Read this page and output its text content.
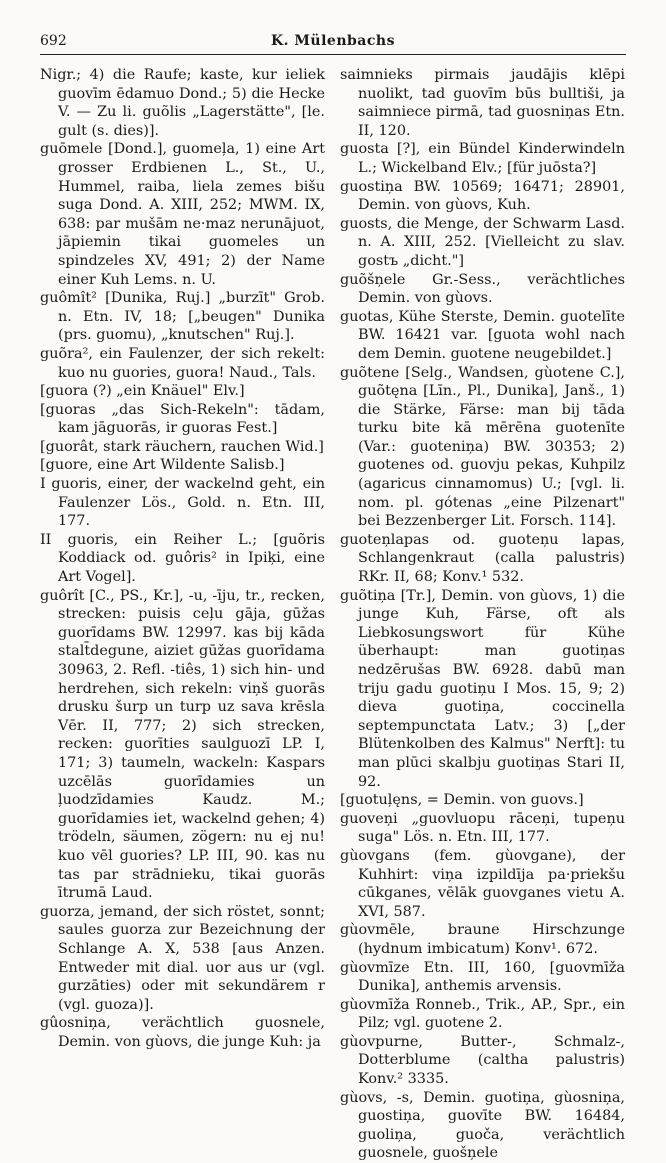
692	K. Mülenbachs

Nigr.; 4) die Raufe; kaste, kur ieliek guovīm ēdamuo Dond.; 5) die Hecke V. — Zu li. guõlis „Lagerstätte", [le. gult (s. dies)].

guōmele [Dond.], guomeļa, 1) eine Art grosser Erdbienen L., St., U., Hummel, raiba, liela zemes bišu suga Dond. A. XIII, 252; MWM. IX, 638: par mušām ne·maz nerunājuot, jāpiemin tikai guomeles un spindzeles XV, 491; 2) der Name einer Kuh Lems. n. U.

guômît² [Dunika, Ruj.] „burzīt" Grob. n. Etn. IV, 18; [„beugen" Dunika (prs. guomu), „knutschen" Ruj.].

guõra², ein Faulenzer, der sich rekelt: kuo nu guories, guora! Naud., Tals.

[guora (?) „ein Knäuel" Elv.]

[guoras „das Sich-Rekeln": tādam, kam jāguorās, ir guoras Fest.]

[guorât, stark räuchern, rauchen Wid.]

[guore, eine Art Wildente Salisb.]

I guoris, einer, der wackelnd geht, ein Faulenzer Lös., Gold. n. Etn. III, 177.

II guoris, ein Reiher L.; [guõris Koddiack od. guôris² in Ipiķi, eine Art Vogel].

guôrît [C., PS., Kr.], -u, -īju, tr., recken, strecken: puisis ceļu gāja, gūžas guorīdams BW. 12997. kas bij kāda stalt̄degune, aiziet gūžas guorīdama 30963, 2. Refl. -tiês, 1) sich hin- und herdrehen, sich rekeln: viņš guorās drusku šurp un turp uz sava krēsla Vēr. II, 777; 2) sich strecken, recken: guorīties saulguozī LP. I, 171; 3) taumeln, wackeln: Kaspars uzcēlās guorīdamies un ļuodzīdamies Kaudz. M.; guorīdamies iet, wackelnd gehen; 4) trödeln, säumen, zögern: nu ej nu! kuo vēl guories? LP. III, 90. kas nu tas par strādnieku, tikai guorās ītrumā Laud.

guorza, jemand, der sich röstet, sonnt; saules guorza zur Bezeichnung der Schlange A. X, 538 [aus Anzen. Entweder mit dial. uor aus ur (vgl. gurzāties) oder mit sekundärem r (vgl. guoza)].

gûosniņa, verächtlich guosnele, Demin. von gùovs, die junge Kuh: ja

saimnieks pirmais jaudājis klēpi nuolikt, tad guovīm būs bulltiši, ja saimniece pirmā, tad guosniņas Etn. II, 120.

guosta [?], ein Bündel Kinderwindeln L.; Wickelband Elv.; [für juōsta?]

guostiņa BW. 10569; 16471; 28901, Demin. von gùovs, Kuh.

guosts, die Menge, der Schwarm Lasd. n. A. XIII, 252. [Vielleicht zu slav. gostъ „dicht."]

guõšņele Gr.-Sess., verächtliches Demin. von gùovs.

guotas, Kühe Sterste, Demin. guotelīte BW. 16421 var. [guota wohl nach dem Demin. guotene neugebildet.]

guõtene [Selg., Wandsen, gùotene C.], guõtęna [Līn., Pl., Dunika], Janš., 1) die Stärke, Färse: man bij tāda turku bite kā mērēna guotenīte (Var.: guoteniņa) BW. 30353; 2) guotenes od. guovju pekas, Kuhpilz (agaricus cinnamomus) U.; [vgl. li. nom. pl. gótenas „eine Pilzenart" bei Bezzenberger Lit. Forsch. 114].

guoteņlapas od. guoteņu lapas, Schlangenkraut (calla palustris) RKr. II, 68; Konv.¹ 532.

guõtiņa [Tr.], Demin. von gùovs, 1) die junge Kuh, Färse, oft als Liebkosungswort für Kühe überhaupt: man guotiņas nedzērušas BW. 6928. dabū man triju gadu guotiņu I Mos. 15, 9; 2) dieva guotiņa, coccinella septempunctata Latv.; 3) [„der Blütenkolben des Kalmus" Nerft]: tu man plūci skalbju guotiņas Stari II, 92.

[guotuļęns, = Demin. von guovs.]

guoveņi „guovluopu rāceņi, tupeņu suga" Lös. n. Etn. III, 177.

gùovgans (fem. gùovgane), der Kuhhirt: viņa izpildīja pa·priekšu cūkganes, vēlāk guovganes vietu A. XVI, 587.

gùovmēle, braune Hirschzunge (hydnum imbicatum) Konv¹. 672.

gùovmīze Etn. III, 160, [guovmīža Dunika], anthemis arvensis.

gùovmīža Ronneb., Trik., AP., Spr., ein Pilz; vgl. guotene 2.

gùovpurne, Butter-, Schmalz-, Dotterblume (caltha palustris) Konv.² 3335.

gùovs, -s, Demin. guotiņa, gùosniņa, guostiņa, guovīte BW. 16484, guoliņa, guoča, verächtlich guosnele, guošņele
